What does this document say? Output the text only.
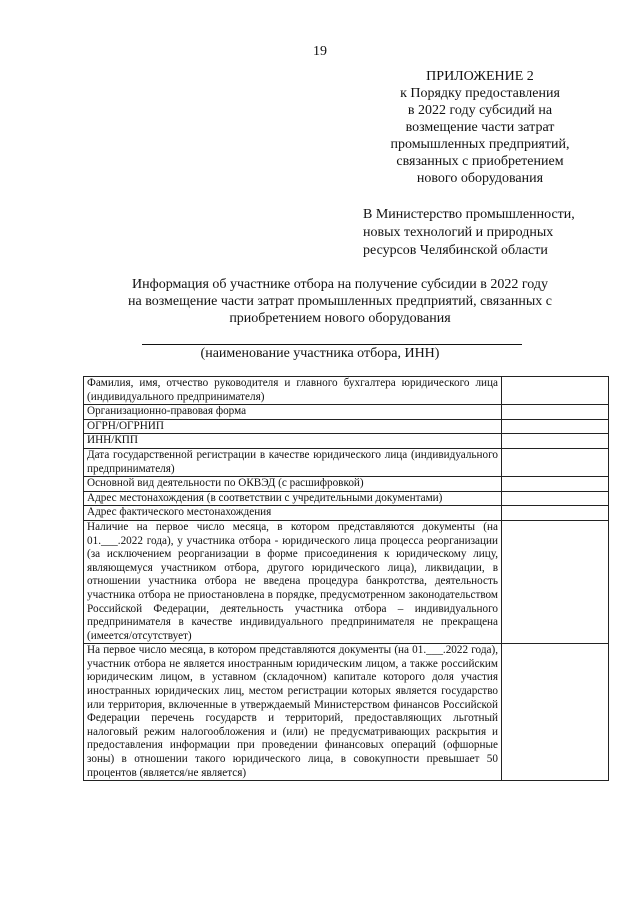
19
ПРИЛОЖЕНИЕ 2
к Порядку предоставления
в 2022 году субсидий на
возмещение части затрат
промышленных предприятий,
связанных с приобретением
нового оборудования
В Министерство промышленности,
новых технологий и природных
ресурсов Челябинской области
Информация об участнике отбора на получение субсидии в 2022 году
на возмещение части затрат промышленных предприятий, связанных с
приобретением нового оборудования
(наименование участника отбора, ИНН)
Фамилия, имя, отчество руководителя и главного бухгалтера юридического лица (индивидуального предпринимателя)	

Организационно-правовая форма	

ОГРН/ОГРНИП	

ИНН/КПП	

Дата государственной регистрации в качестве юридического лица (индивидуального предпринимателя)	

Основной вид деятельности по ОКВЭД (с расшифровкой)	

Адрес местонахождения (в соответствии с учредительными документами)	

Адрес фактического местонахождения	

Наличие на первое число месяца, в котором представляются документы (на 01.___.2022 года), у участника отбора - юридического лица процесса реорганизации (за исключением реорганизации в форме присоединения к юридическому лицу, являющемуся участником отбора, другого юридического лица), ликвидации, в отношении участника отбора не введена процедура банкротства, деятельность участника отбора не приостановлена в порядке, предусмотренном законодательством Российской Федерации, деятельность участника отбора – индивидуального предпринимателя в качестве индивидуального предпринимателя не прекращена (имеется/отсутствует)	

На первое число месяца, в котором представляются документы (на 01.___.2022 года), участник отбора не является иностранным юридическим лицом, а также российским юридическим лицом, в уставном (складочном) капитале которого доля участия иностранных юридических лиц, местом регистрации которых является государство или территория, включенные в утверждаемый Министерством финансов Российской Федерации перечень государств и территорий, предоставляющих льготный налоговый режим налогообложения и (или) не предусматривающих раскрытия и предоставления информации при проведении финансовых операций (офшорные зоны) в отношении такого юридического лица, в совокупности превышает 50 процентов (является/не является)	
